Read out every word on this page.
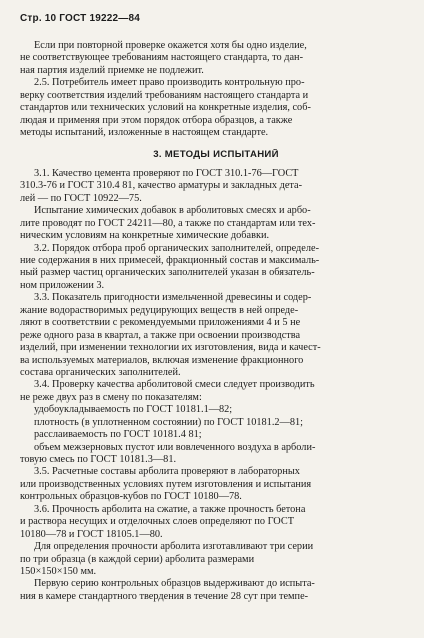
Стр. 10 ГОСТ 19222—84
Если при повторной проверке окажется хотя бы одно изделие,
не соответствующее требованиям настоящего стандарта, то дан-
ная партия изделий приемке не подлежит.
2.5. Потребитель имеет право производить контрольную про-
верку соответствия изделий требованиям настоящего стандарта и
стандартов или технических условий на конкретные изделия, соб-
людая и применяя при этом порядок отбора образцов, а также
методы испытаний, изложенные в настоящем стандарте.
3. МЕТОДЫ ИСПЫТАНИЙ
3.1. Качество цемента проверяют по ГОСТ 310.1-76—ГОСТ
310.3-76 и ГОСТ 310.4 81, качество арматуры и закладных дета-
лей — по ГОСТ 10922—75.
Испытание химических добавок в арболитовых смесях и арбо-
лите проводят по ГОСТ 24211—80, а также по стандартам или тех-
ническим условиям на конкретные химические добавки.
3.2. Порядок отбора проб органических заполнителей, определе-
ние содержания в них примесей, фракционный состав и максималь-
ный размер частиц органических заполнителей указан в обязатель-
ном приложении 3.
3.3. Показатель пригодности измельченной древесины и содер-
жание водорастворимых редуцирующих веществ в ней опреде-
ляют в соответствии с рекомендуемыми приложениями 4 и 5 не
реже одного раза в квартал, а также при освоении производства
изделий, при изменении технологии их изготовления, вида и качест-
ва используемых материалов, включая изменение фракционного
состава органических заполнителей.
3.4. Проверку качества арболитовой смеси следует производить
не реже двух раз в смену по показателям:
удобоукладываемость по ГОСТ 10181.1—82;
плотность (в уплотненном состоянии) по ГОСТ 10181.2—81;
расслаиваемость по ГОСТ 10181.4 81;
объем межзерновых пустот или вовлеченного воздуха в арболи-
товую смесь по ГОСТ 10181.3—81.
3.5. Расчетные составы арболита проверяют в лабораторных
или производственных условиях путем изготовления и испытания
контрольных образцов-кубов по ГОСТ 10180—78.
3.6. Прочность арболита на сжатие, а также прочность бетона
и раствора несущих и отделочных слоев определяют по ГОСТ
10180—78 и ГОСТ 18105.1—80.
Для определения прочности арболита изготавливают три серии
по три образца (в каждой серии) арболита размерами
150×150×150 мм.
Первую серию контрольных образцов выдерживают до испыта-
ния в камере стандартного твердения в течение 28 сут при темпе-
